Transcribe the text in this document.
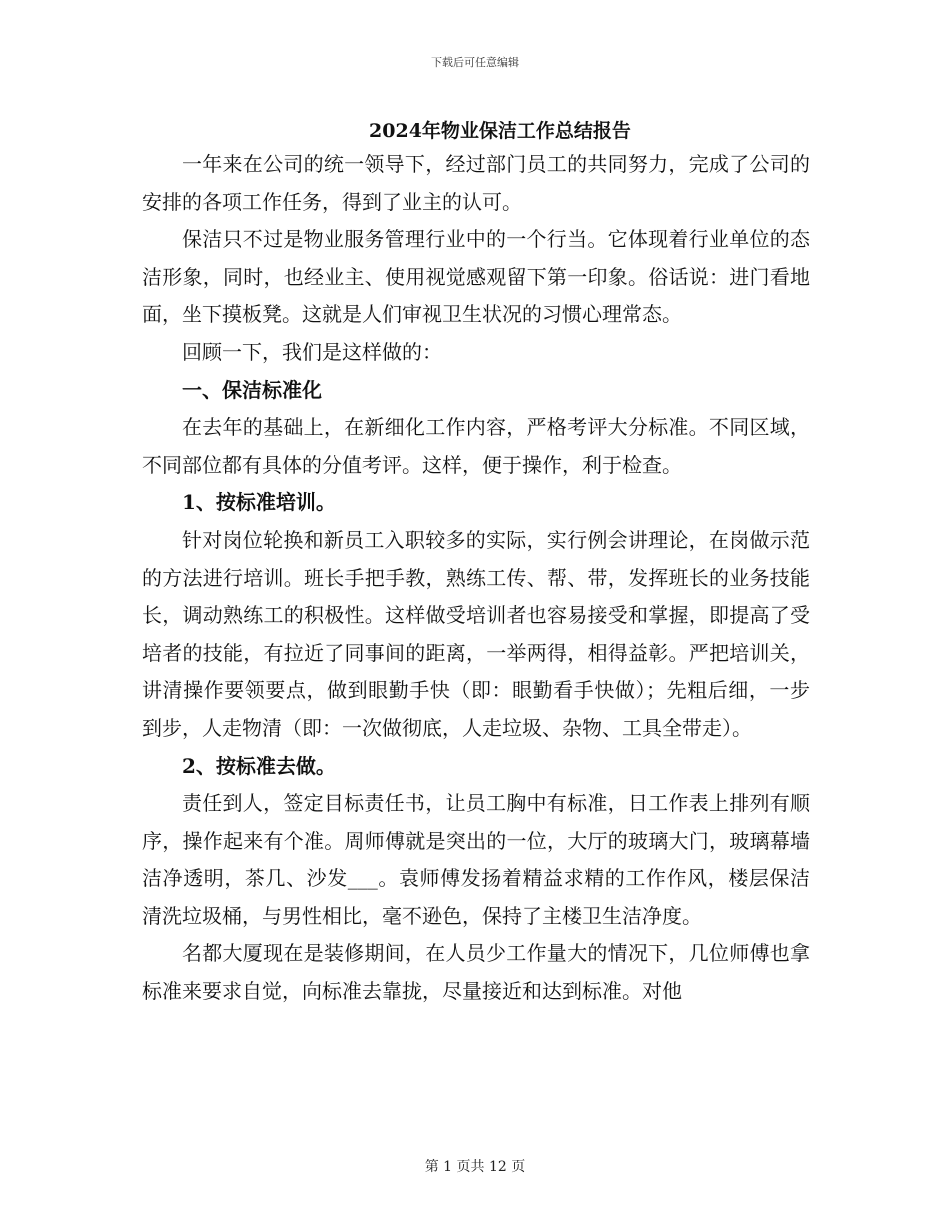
下载后可任意编辑
2024年物业保洁工作总结报告

一年来在公司的统一领导下，经过部门员工的共同努力，完成了公司的安排的各项工作任务，得到了业主的认可。

保洁只不过是物业服务管理行业中的一个行当。它体现着行业单位的态洁形象，同时，也经业主、使用视觉感观留下第一印象。俗话说：进门看地面，坐下摸板凳。这就是人们审视卫生状况的习惯心理常态。

回顾一下，我们是这样做的：

一、保洁标准化

在去年的基础上，在新细化工作内容，严格考评大分标准。不同区域，不同部位都有具体的分值考评。这样，便于操作，利于检查。

1、按标准培训。

针对岗位轮换和新员工入职较多的实际，实行例会讲理论，在岗做示范的方法进行培训。班长手把手教，熟练工传、帮、带，发挥班长的业务技能长，调动熟练工的积极性。这样做受培训者也容易接受和掌握，即提高了受培者的技能，有拉近了同事间的距离，一举两得，相得益彰。严把培训关，讲清操作要领要点，做到眼勤手快（即：眼勤看手快做）；先粗后细，一步到步，人走物清（即：一次做彻底，人走垃圾、杂物、工具全带走）。

2、按标准去做。

责任到人，签定目标责任书，让员工胸中有标准，日工作表上排列有顺序，操作起来有个准。周师傅就是突出的一位，大厅的玻璃大门，玻璃幕墙洁净透明，茶几、沙发___。袁师傅发扬着精益求精的工作作风，楼层保洁清洗垃圾桶，与男性相比，毫不逊色，保持了主楼卫生洁净度。

名都大厦现在是装修期间，在人员少工作量大的情况下，几位师傅也拿标准来要求自觉，向标准去靠拢，尽量接近和达到标准。对他

第 1 页共 12 页
